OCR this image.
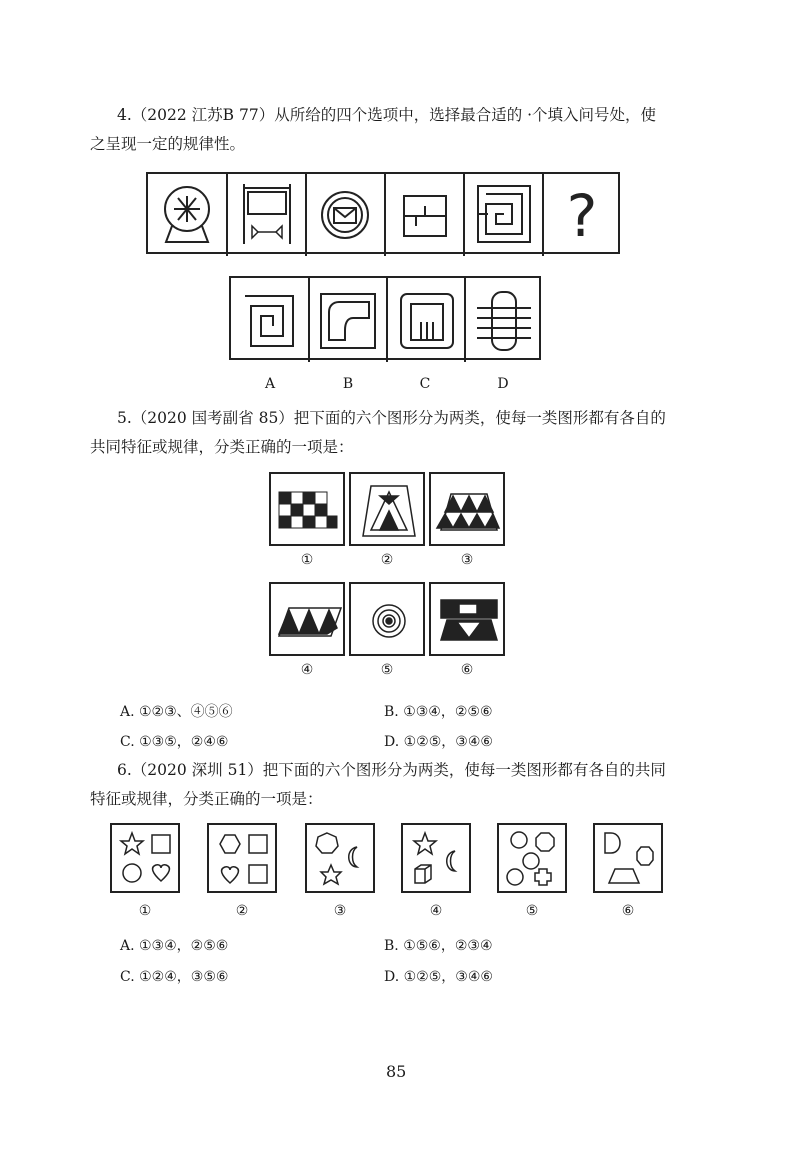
4.（2022 江苏B 77）从所给的四个选项中，选择最合适的 ·个填入问号处，使
之呈现一定的规律性。
?
A	B	C	D
5.（2020 国考副省 85）把下面的六个图形分为两类，使每一类图形都有各自的
共同特征或规律，分类正确的一项是：
①	②	③
④	⑤	⑥
A. ①②③、④⑤⑥	B. ①③④，②⑤⑥
C. ①③⑤，②④⑥	D. ①②⑤，③④⑥
6.（2020 深圳 51）把下面的六个图形分为两类，使每一类图形都有各自的共同
特征或规律，分类正确的一项是：
①	②	③	④	⑤	⑥
A. ①③④，②⑤⑥	B. ①⑤⑥，②③④
C. ①②④，③⑤⑥	D. ①②⑤，③④⑥
85
